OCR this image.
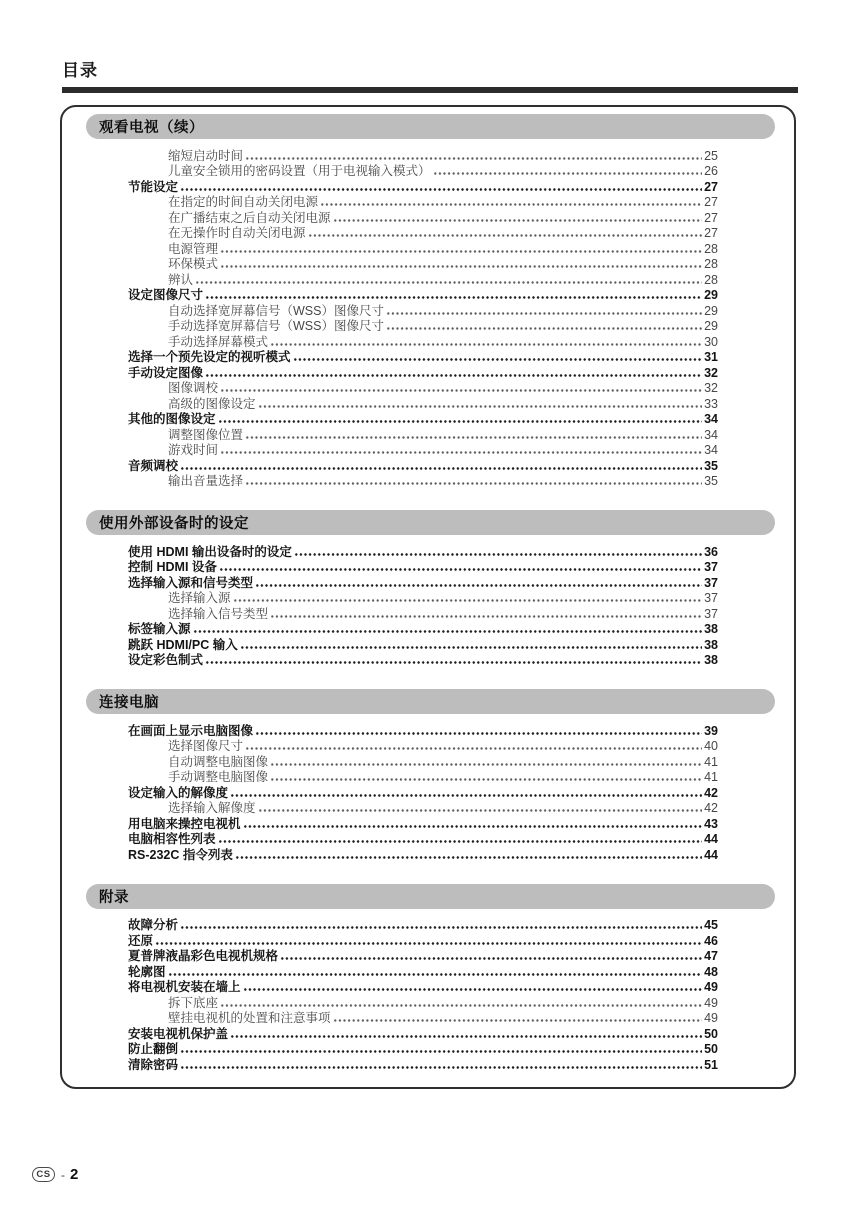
目录
观看电视（续）
缩短启动时间	25
儿童安全锁用的密码设置（用于电视输入模式）	26
节能设定	27
在指定的时间自动关闭电源	27
在广播结束之后自动关闭电源	27
在无操作时自动关闭电源	27
电源管理	28
环保模式	28
辨认	28
设定图像尺寸	29
自动选择宽屏幕信号（WSS）图像尺寸	29
手动选择宽屏幕信号（WSS）图像尺寸	29
手动选择屏幕模式	30
选择一个预先设定的视听模式	31
手动设定图像	32
图像调校	32
高级的图像设定	33
其他的图像设定	34
调整图像位置	34
游戏时间	34
音频调校	35
输出音量选择	35
使用外部设备时的设定
使用 HDMI 输出设备时的设定	36
控制 HDMI 设备	37
选择输入源和信号类型	37
选择输入源	37
选择输入信号类型	37
标签输入源	38
跳跃 HDMI/PC 输入	38
设定彩色制式	38
连接电脑
在画面上显示电脑图像	39
选择图像尺寸	40
自动调整电脑图像	41
手动调整电脑图像	41
设定输入的解像度	42
选择输入解像度	42
用电脑来操控电视机	43
电脑相容性列表	44
RS-232C 指令列表	44
附录
故障分析	45
还原	46
夏普牌液晶彩色电视机规格	47
轮廓图	48
将电视机安装在墙上	49
拆下底座	49
壁挂电视机的处置和注意事项	49
安装电视机保护盖	50
防止翻倒	50
清除密码	51
CS - 2
